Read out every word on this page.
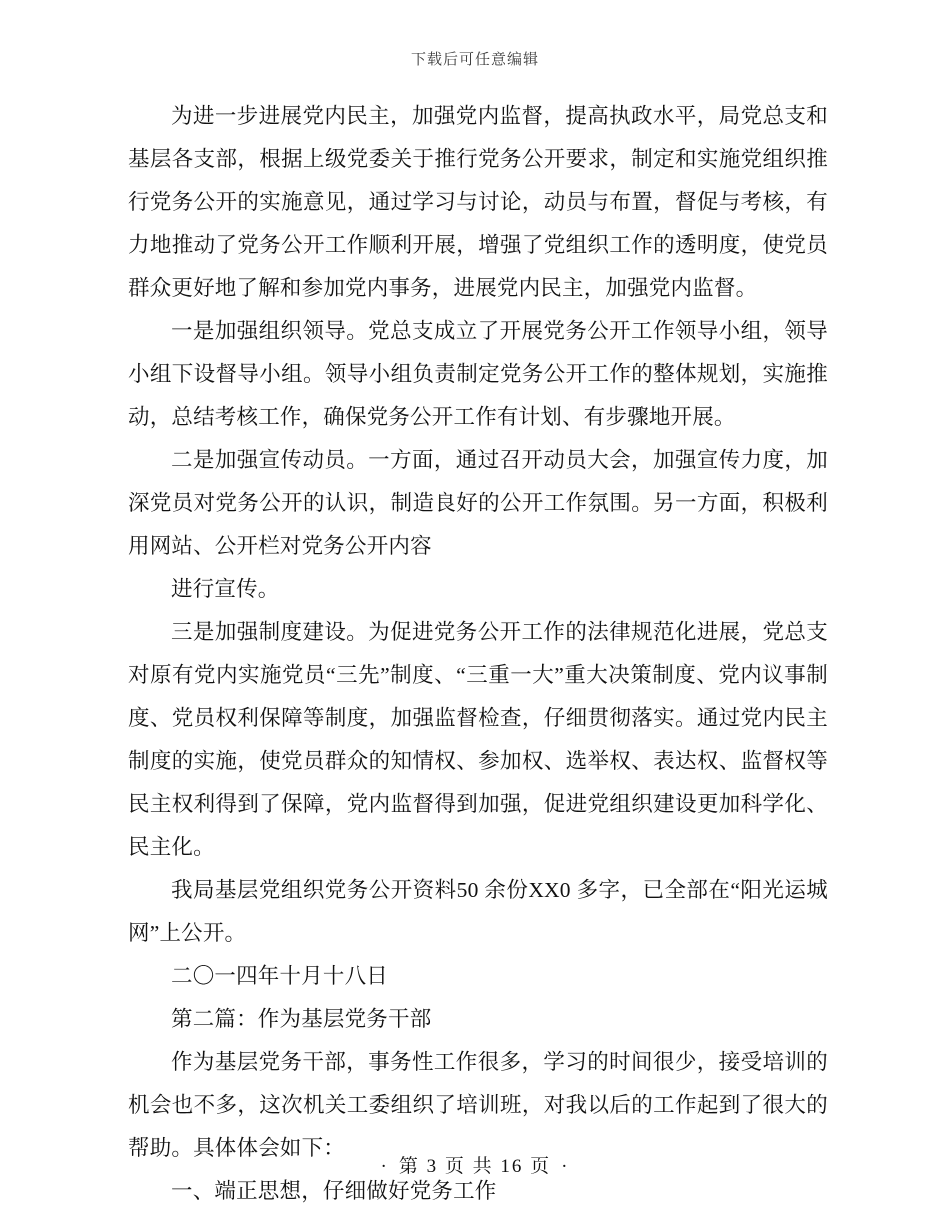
下载后可任意编辑

为进一步进展党内民主，加强党内监督，提高执政水平，局党总支和基层各支部，根据上级党委关于推行党务公开要求，制定和实施党组织推行党务公开的实施意见，通过学习与讨论，动员与布置，督促与考核，有力地推动了党务公开工作顺利开展，增强了党组织工作的透明度，使党员群众更好地了解和参加党内事务，进展党内民主，加强党内监督。

一是加强组织领导。党总支成立了开展党务公开工作领导小组，领导小组下设督导小组。领导小组负责制定党务公开工作的整体规划，实施推动，总结考核工作，确保党务公开工作有计划、有步骤地开展。

二是加强宣传动员。一方面，通过召开动员大会，加强宣传力度，加深党员对党务公开的认识，制造良好的公开工作氛围。另一方面，积极利用网站、公开栏对党务公开内容

进行宣传。

三是加强制度建设。为促进党务公开工作的法律规范化进展，党总支对原有党内实施党员“三先”制度、“三重一大”重大决策制度、党内议事制度、党员权利保障等制度，加强监督检查，仔细贯彻落实。通过党内民主制度的实施，使党员群众的知情权、参加权、选举权、表达权、监督权等民主权利得到了保障，党内监督得到加强，促进党组织建设更加科学化、民主化。

我局基层党组织党务公开资料50 余份XX0 多字，已全部在“阳光运城网”上公开。

二〇一四年十月十八日

第二篇：作为基层党务干部

作为基层党务干部，事务性工作很多，学习的时间很少，接受培训的机会也不多，这次机关工委组织了培训班，对我以后的工作起到了很大的帮助。具体体会如下：

一、端正思想，仔细做好党务工作

· 第 3 页 共 16 页 ·
